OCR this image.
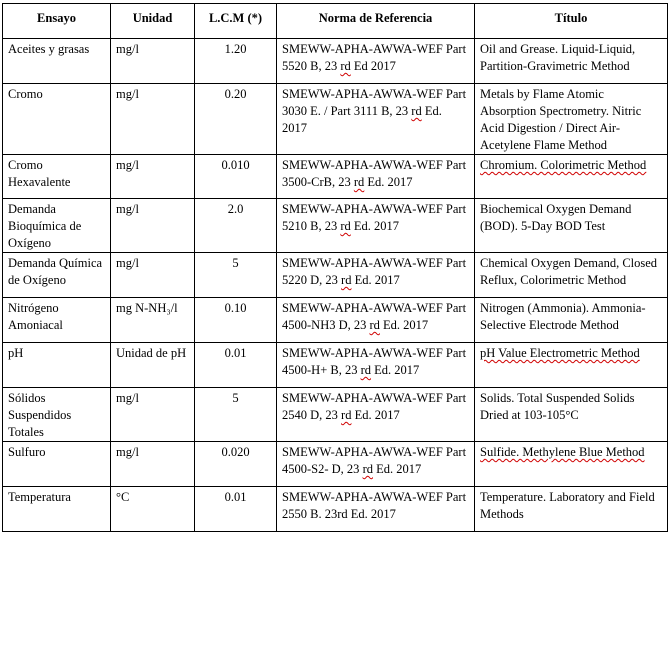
Ensayo	Unidad	L.C.M (*)	Norma de Referencia	Título
Aceites y grasas	mg/l	1.20	SMEWW-APHA-AWWA-WEF Part 5520 B, 23 rd Ed 2017	Oil and Grease. Liquid-Liquid, Partition-Gravimetric Method
Cromo	mg/l	0.20	SMEWW-APHA-AWWA-WEF Part 3030 E. / Part 3111 B, 23 rd Ed. 2017	Metals by Flame Atomic Absorption Spectrometry. Nitric Acid Digestion / Direct Air-Acetylene Flame Method
Cromo Hexavalente	mg/l	0.010	SMEWW-APHA-AWWA-WEF Part 3500-CrB, 23 rd Ed. 2017	Chromium. Colorimetric Method
Demanda Bioquímica de Oxígeno	mg/l	2.0	SMEWW-APHA-AWWA-WEF Part 5210 B, 23 rd Ed. 2017	Biochemical Oxygen Demand (BOD). 5-Day BOD Test
Demanda Química de Oxígeno	mg/l	5	SMEWW-APHA-AWWA-WEF Part 5220 D, 23 rd Ed. 2017	Chemical Oxygen Demand, Closed Reflux, Colorimetric Method
Nitrógeno Amoniacal	mg N-NH₃/l	0.10	SMEWW-APHA-AWWA-WEF Part 4500-NH3 D, 23 rd Ed. 2017	Nitrogen (Ammonia). Ammonia-Selective Electrode Method
pH	Unidad de pH	0.01	SMEWW-APHA-AWWA-WEF Part 4500-H+ B, 23 rd Ed. 2017	pH Value Electrometric Method
Sólidos Suspendidos Totales	mg/l	5	SMEWW-APHA-AWWA-WEF Part 2540 D, 23 rd Ed. 2017	Solids. Total Suspended Solids Dried at 103-105°C
Sulfuro	mg/l	0.020	SMEWW-APHA-AWWA-WEF Part 4500-S2- D, 23 rd Ed. 2017	Sulfide. Methylene Blue Method
Temperatura	°C	0.01	SMEWW-APHA-AWWA-WEF Part 2550 B. 23rd Ed. 2017	Temperature. Laboratory and Field Methods
